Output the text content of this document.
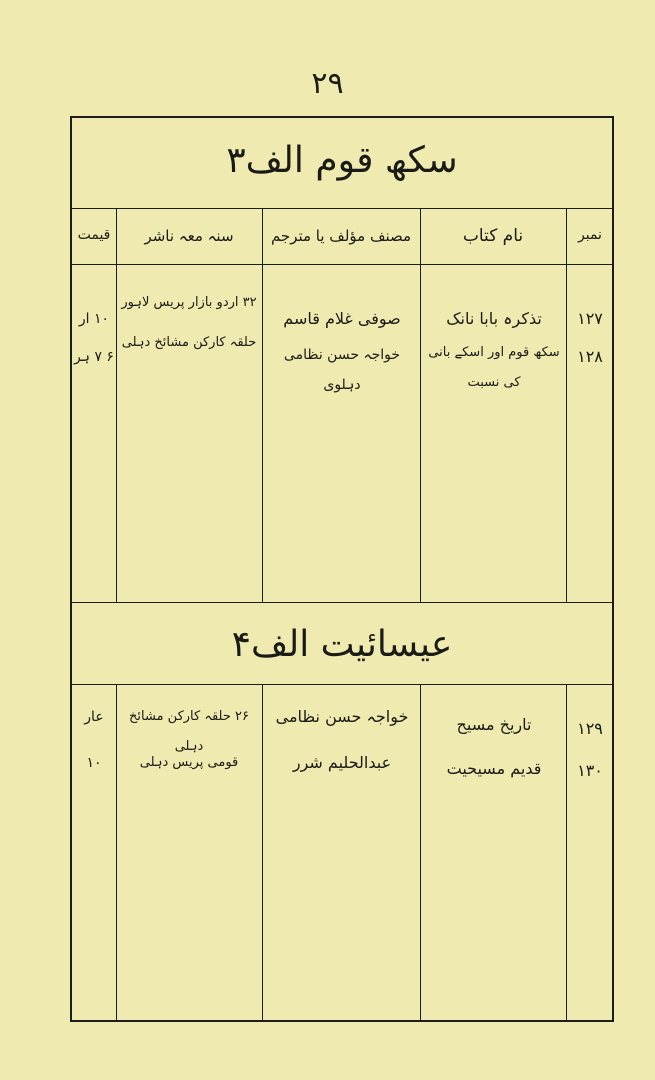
۲۹
سکھ قوم الف۳
نمبر
نام کتاب
مصنف مؤلف یا مترجم
سنہ معہ ناشر
قیمت
۱۲۷
تذکرہ بابا نانک
صوفی غلام قاسم
۳۲ اردو بازار پریس لاہور
۱۰ ار
۱۲۸
سکھ قوم اور اسکے بانی کی نسبت
خواجہ حسن نظامی دہلوی
حلقہ کارکن مشائخ دہلی
۶ ۷ ہر
عیسائیت الف۴
۱۲۹
تاریخ مسیح
خواجہ حسن نظامی
۲۶ حلقہ کارکن مشائخ دہلی
عار
۱۳۰
قدیم مسیحیت
عبدالحلیم شرر
قومی پریس دہلی
۱۰
